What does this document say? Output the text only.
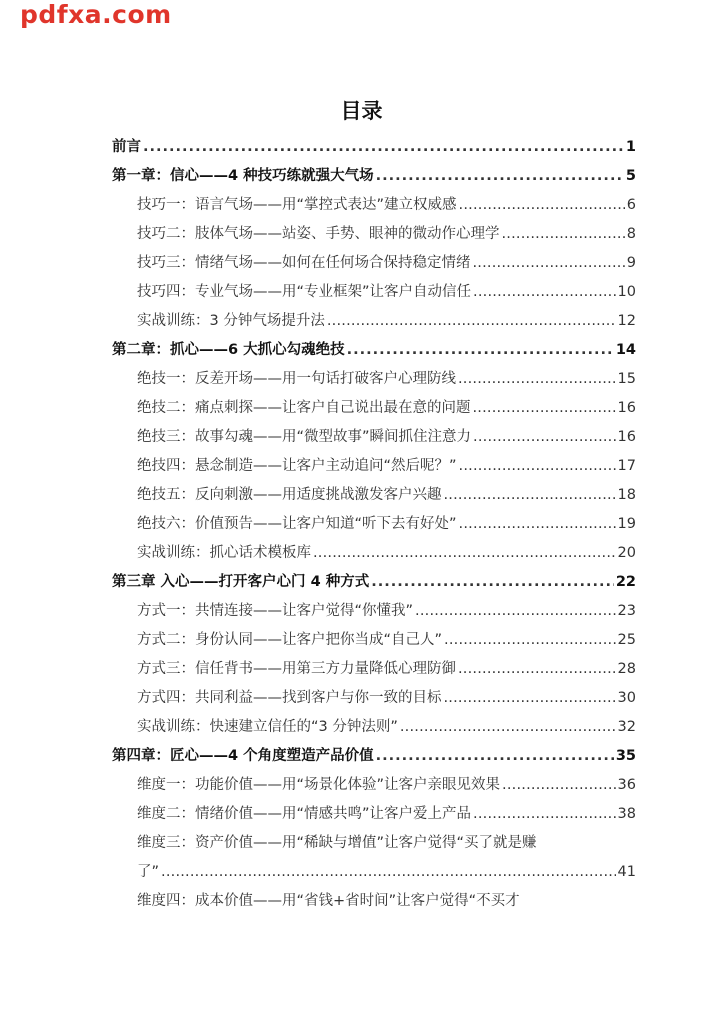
pdfxa.com
目录
前言 .....	1
第一章：信心——4 种技巧练就强大气场 .....	5
技巧一：语言气场——用“掌控式表达”建立权威感 .....	6
技巧二：肢体气场——站姿、手势、眼神的微动作心理学 .....	8
技巧三：情绪气场——如何在任何场合保持稳定情绪 .....	9
技巧四：专业气场——用“专业框架”让客户自动信任 .....	10
实战训练：3 分钟气场提升法 .....	12
第二章：抓心——6 大抓心勾魂绝技 .....	14
绝技一：反差开场——用一句话打破客户心理防线 .....	15
绝技二：痛点刺探——让客户自己说出最在意的问题 .....	16
绝技三：故事勾魂——用“微型故事”瞬间抓住注意力 .....	16
绝技四：悬念制造——让客户主动追问“然后呢？” .....	17
绝技五：反向刺激——用适度挑战激发客户兴趣 .....	18
绝技六：价值预告——让客户知道“听下去有好处” .....	19
实战训练：抓心话术模板库 .....	20
第三章 入心——打开客户心门 4 种方式 .....	22
方式一：共情连接——让客户觉得“你懂我” .....	23
方式二：身份认同——让客户把你当成“自己人” .....	25
方式三：信任背书——用第三方力量降低心理防御 .....	28
方式四：共同利益——找到客户与你一致的目标 .....	30
实战训练：快速建立信任的“3 分钟法则” .....	32
第四章：匠心——4 个角度塑造产品价值 .....	35
维度一：功能价值——用“场景化体验”让客户亲眼见效果 .....	36
维度二：情绪价值——用“情感共鸣”让客户爱上产品 .....	38
维度三：资产价值——用“稀缺与增值”让客户觉得“买了就是赚
了” .....	41
维度四：成本价值——用“省钱+省时间”让客户觉得“不买才
